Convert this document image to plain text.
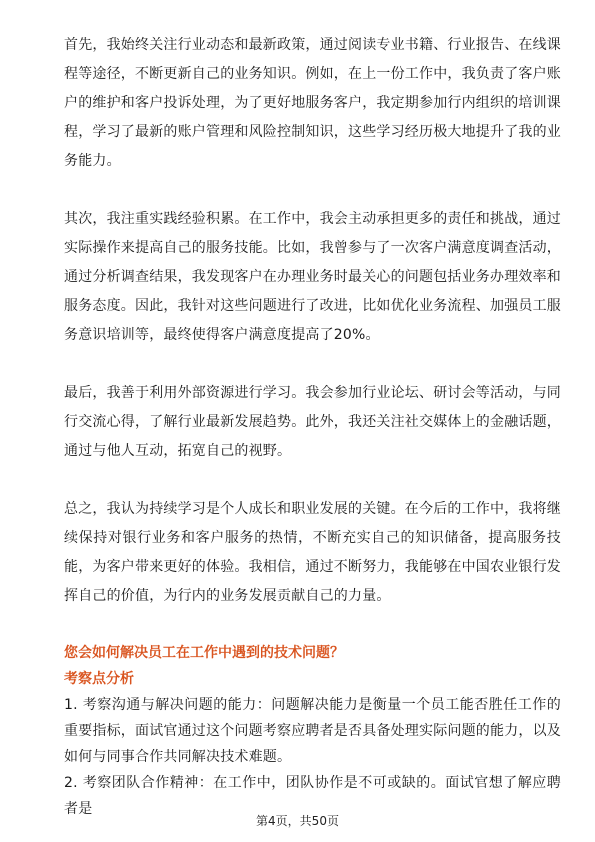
首先，我始终关注行业动态和最新政策，通过阅读专业书籍、行业报告、在线课程等途径，不断更新自己的业务知识。例如，在上一份工作中，我负责了客户账户的维护和客户投诉处理，为了更好地服务客户，我定期参加行内组织的培训课程，学习了最新的账户管理和风险控制知识，这些学习经历极大地提升了我的业务能力。

其次，我注重实践经验积累。在工作中，我会主动承担更多的责任和挑战，通过实际操作来提高自己的服务技能。比如，我曾参与了一次客户满意度调查活动，通过分析调查结果，我发现客户在办理业务时最关心的问题包括业务办理效率和服务态度。因此，我针对这些问题进行了改进，比如优化业务流程、加强员工服务意识培训等，最终使得客户满意度提高了20%。

最后，我善于利用外部资源进行学习。我会参加行业论坛、研讨会等活动，与同行交流心得，了解行业最新发展趋势。此外，我还关注社交媒体上的金融话题，通过与他人互动，拓宽自己的视野。

总之，我认为持续学习是个人成长和职业发展的关键。在今后的工作中，我将继续保持对银行业务和客户服务的热情，不断充实自己的知识储备，提高服务技能，为客户带来更好的体验。我相信，通过不断努力，我能够在中国农业银行发挥自己的价值，为行内的业务发展贡献自己的力量。

您会如何解决员工在工作中遇到的技术问题？
考察点分析

1. 考察沟通与解决问题的能力：问题解决能力是衡量一个员工能否胜任工作的重要指标，面试官通过这个问题考察应聘者是否具备处理实际问题的能力，以及如何与同事合作共同解决技术难题。

2. 考察团队合作精神：在工作中，团队协作是不可或缺的。面试官想了解应聘者是

第4页，共50页
